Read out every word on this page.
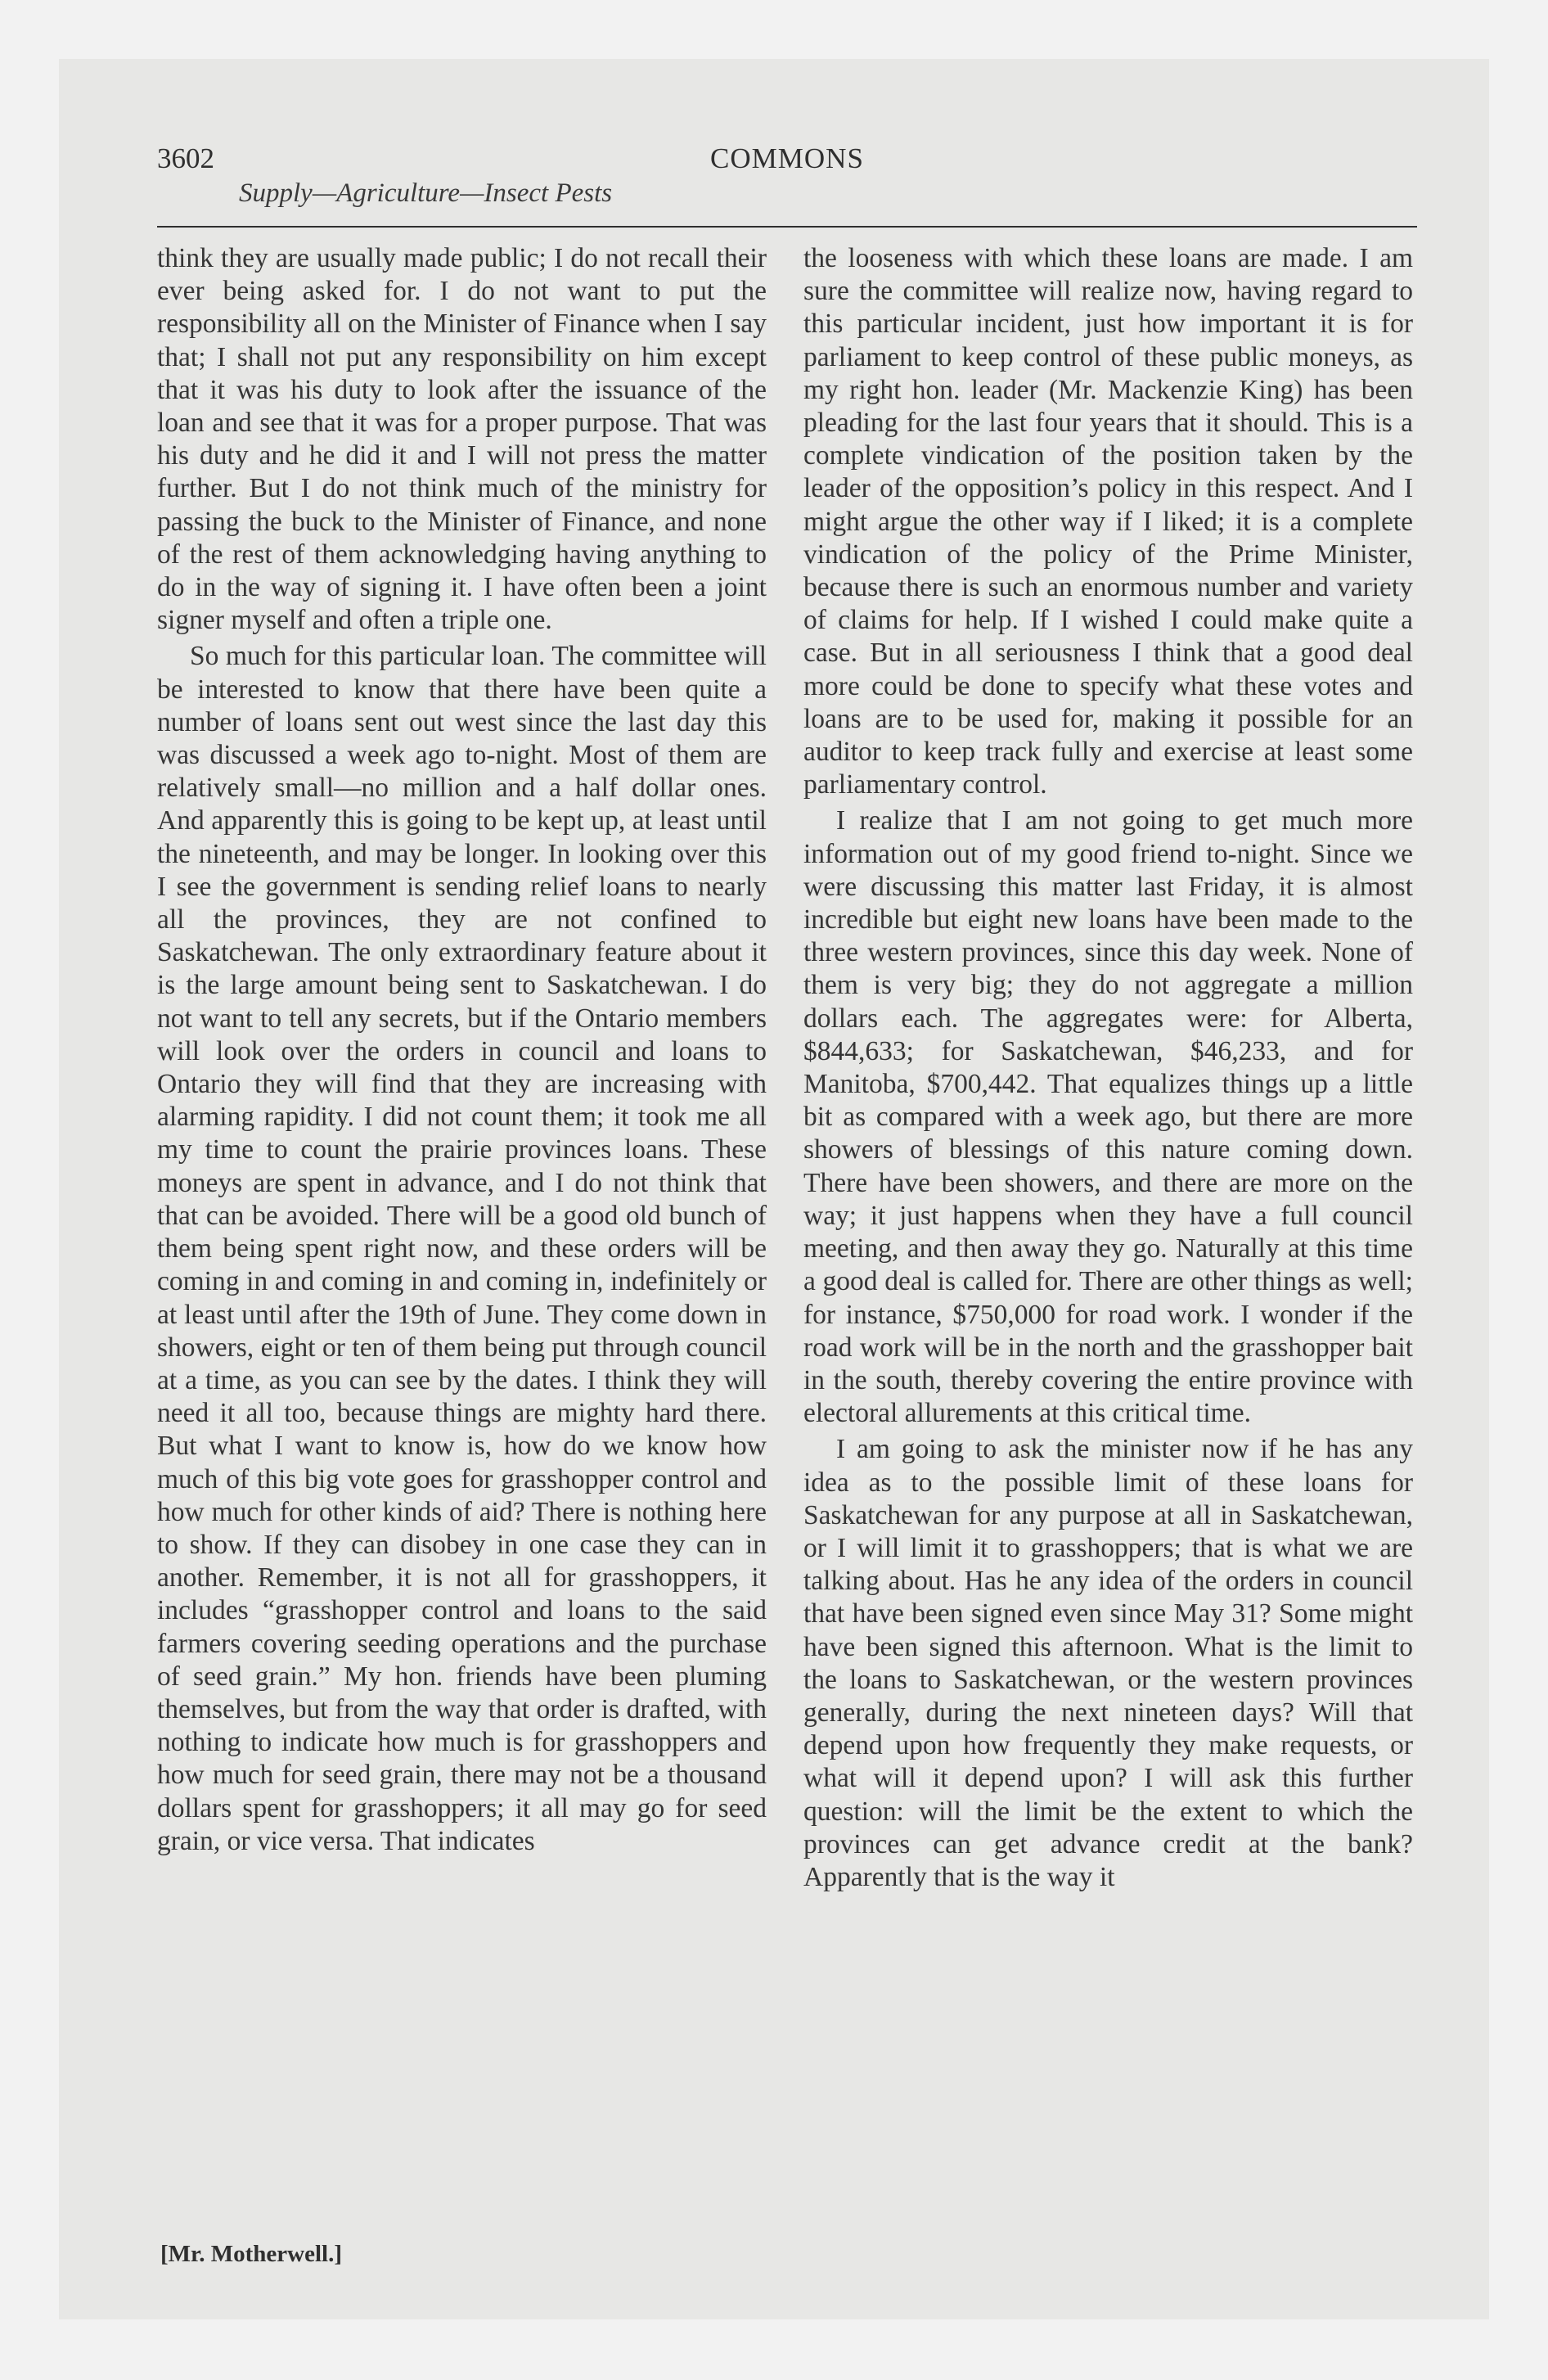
3602	COMMONS
Supply—Agriculture—Insect Pests

think they are usually made public; I do not recall their ever being asked for. I do not want to put the responsibility all on the Minister of Finance when I say that; I shall not put any responsibility on him except that it was his duty to look after the issuance of the loan and see that it was for a proper purpose. That was his duty and he did it and I will not press the matter further. But I do not think much of the ministry for passing the buck to the Minister of Finance, and none of the rest of them acknowledging having anything to do in the way of signing it. I have often been a joint signer myself and often a triple one.

So much for this particular loan. The committee will be interested to know that there have been quite a number of loans sent out west since the last day this was discussed a week ago to-night. Most of them are relatively small—no million and a half dollar ones. And apparently this is going to be kept up, at least until the nineteenth, and may be longer. In looking over this I see the government is sending relief loans to nearly all the provinces, they are not confined to Saskatchewan. The only extraordinary feature about it is the large amount being sent to Saskatchewan. I do not want to tell any secrets, but if the Ontario members will look over the orders in council and loans to Ontario they will find that they are increasing with alarming rapidity. I did not count them; it took me all my time to count the prairie provinces loans. These moneys are spent in advance, and I do not think that that can be avoided. There will be a good old bunch of them being spent right now, and these orders will be coming in and coming in and coming in, indefinitely or at least until after the 19th of June. They come down in showers, eight or ten of them being put through council at a time, as you can see by the dates. I think they will need it all too, because things are mighty hard there. But what I want to know is, how do we know how much of this big vote goes for grasshopper control and how much for other kinds of aid? There is nothing here to show. If they can disobey in one case they can in another. Remember, it is not all for grasshoppers, it includes “grasshopper control and loans to the said farmers covering seeding operations and the purchase of seed grain.” My hon. friends have been pluming themselves, but from the way that order is drafted, with nothing to indicate how much is for grasshoppers and how much for seed grain, there may not be a thousand dollars spent for grasshoppers; it all may go for seed grain, or vice versa. That indicates

the looseness with which these loans are made. I am sure the committee will realize now, having regard to this particular incident, just how important it is for parliament to keep control of these public moneys, as my right hon. leader (Mr. Mackenzie King) has been pleading for the last four years that it should. This is a complete vindication of the position taken by the leader of the opposition’s policy in this respect. And I might argue the other way if I liked; it is a complete vindication of the policy of the Prime Minister, because there is such an enormous number and variety of claims for help. If I wished I could make quite a case. But in all seriousness I think that a good deal more could be done to specify what these votes and loans are to be used for, making it possible for an auditor to keep track fully and exercise at least some parliamentary control.

I realize that I am not going to get much more information out of my good friend to-night. Since we were discussing this matter last Friday, it is almost incredible but eight new loans have been made to the three western provinces, since this day week. None of them is very big; they do not aggregate a million dollars each. The aggregates were: for Alberta, $844,633; for Saskatchewan, $46,233, and for Manitoba, $700,442. That equalizes things up a little bit as compared with a week ago, but there are more showers of blessings of this nature coming down. There have been showers, and there are more on the way; it just happens when they have a full council meeting, and then away they go. Naturally at this time a good deal is called for. There are other things as well; for instance, $750,000 for road work. I wonder if the road work will be in the north and the grasshopper bait in the south, thereby covering the entire province with electoral allurements at this critical time.

I am going to ask the minister now if he has any idea as to the possible limit of these loans for Saskatchewan for any purpose at all in Saskatchewan, or I will limit it to grasshoppers; that is what we are talking about. Has he any idea of the orders in council that have been signed even since May 31? Some might have been signed this afternoon. What is the limit to the loans to Saskatchewan, or the western provinces generally, during the next nineteen days? Will that depend upon how frequently they make requests, or what will it depend upon? I will ask this further question: will the limit be the extent to which the provinces can get advance credit at the bank? Apparently that is the way it

[Mr. Motherwell.]
